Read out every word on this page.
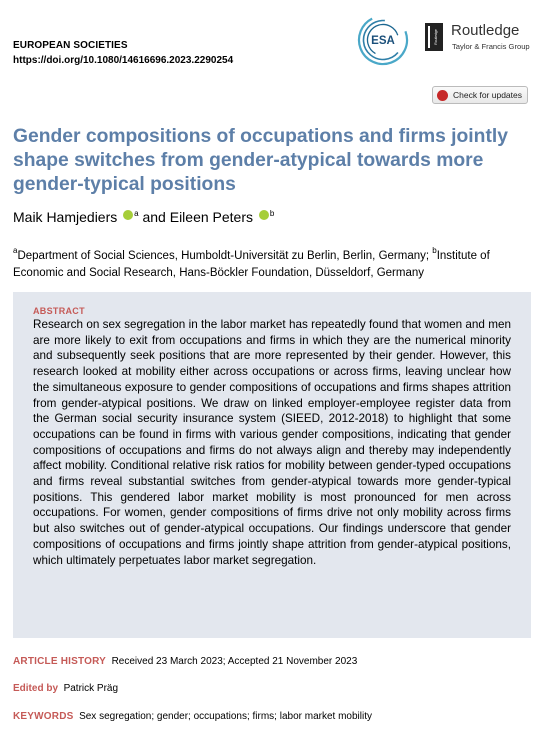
EUROPEAN SOCIETIES
https://doi.org/10.1080/14616696.2023.2290254
ESA	Routledge Routledge
Taylor & Francis Group
Check for updates
Gender compositions of occupations and firms jointly shape switches from gender-atypical towards more gender-typical positions
Maik Hamjediers $^a$ and Eileen Peters $^b$
$^a$Department of Social Sciences, Humboldt-Universität zu Berlin, Berlin, Germany; $^b$Institute of Economic and Social Research, Hans-Böckler Foundation, Düsseldorf, Germany
ABSTRACT
Research on sex segregation in the labor market has repeatedly found that women and men are more likely to exit from occupations and firms in which they are the numerical minority and subsequently seek positions that are more represented by their gender. However, this research looked at mobility either across occupations or across firms, leaving unclear how the simultaneous exposure to gender compositions of occupations and firms shapes attrition from gender-atypical positions. We draw on linked employer-employee register data from the German social security insurance system (SIEED, 2012-2018) to highlight that some occupations can be found in firms with various gender compositions, indicating that gender compositions of occupations and firms do not always align and thereby may independently affect mobility. Conditional relative risk ratios for mobility between gender-typed occupations and firms reveal substantial switches from gender-atypical towards more gender-typical positions. This gendered labor market mobility is most pronounced for men across occupations. For women, gender compositions of firms drive not only mobility across firms but also switches out of gender-atypical occupations. Our findings underscore that gender compositions of occupations and firms jointly shape attrition from gender-atypical positions, which ultimately perpetuates labor market segregation.
ARTICLE HISTORY Received 23 March 2023; Accepted 21 November 2023
Edited by Patrick Präg
KEYWORDS Sex segregation; gender; occupations; firms; labor market mobility
